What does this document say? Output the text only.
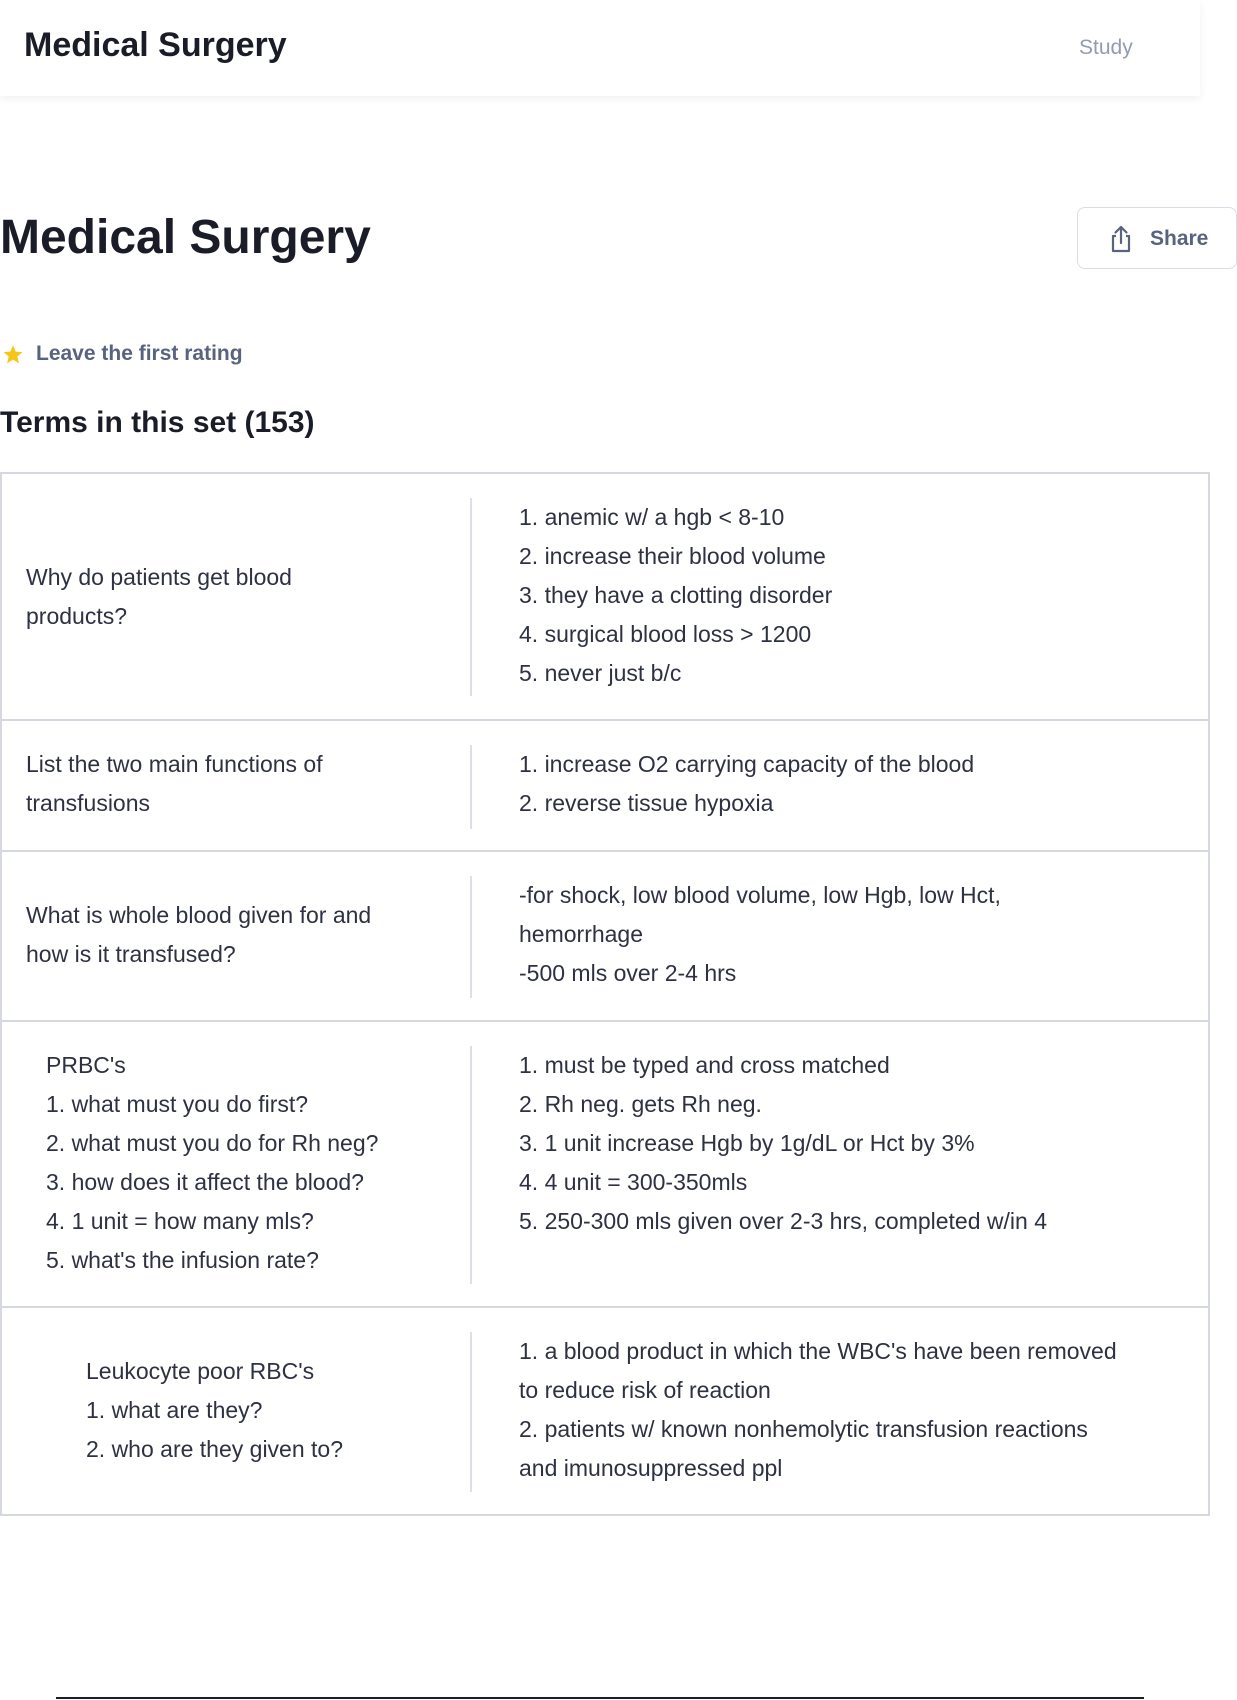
Medical Surgery	Study
Medical Surgery	Share
Leave the first rating
Terms in this set (153)
Why do patients get blood
products?
1. anemic w/ a hgb < 8-10
2. increase their blood volume
3. they have a clotting disorder
4. surgical blood loss > 1200
5. never just b/c
List the two main functions of
transfusions
1. increase O2 carrying capacity of the blood
2. reverse tissue hypoxia
What is whole blood given for and
how is it transfused?
-for shock, low blood volume, low Hgb, low Hct,
hemorrhage
-500 mls over 2-4 hrs
PRBC's
1. what must you do first?
2. what must you do for Rh neg?
3. how does it affect the blood?
4. 1 unit = how many mls?
5. what's the infusion rate?
1. must be typed and cross matched
2. Rh neg. gets Rh neg.
3. 1 unit increase Hgb by 1g/dL or Hct by 3%
4. 4 unit = 300-350mls
5. 250-300 mls given over 2-3 hrs, completed w/in 4
Leukocyte poor RBC's
1. what are they?
2. who are they given to?
1. a blood product in which the WBC's have been removed
to reduce risk of reaction
2. patients w/ known nonhemolytic transfusion reactions
and imunosuppressed ppl
